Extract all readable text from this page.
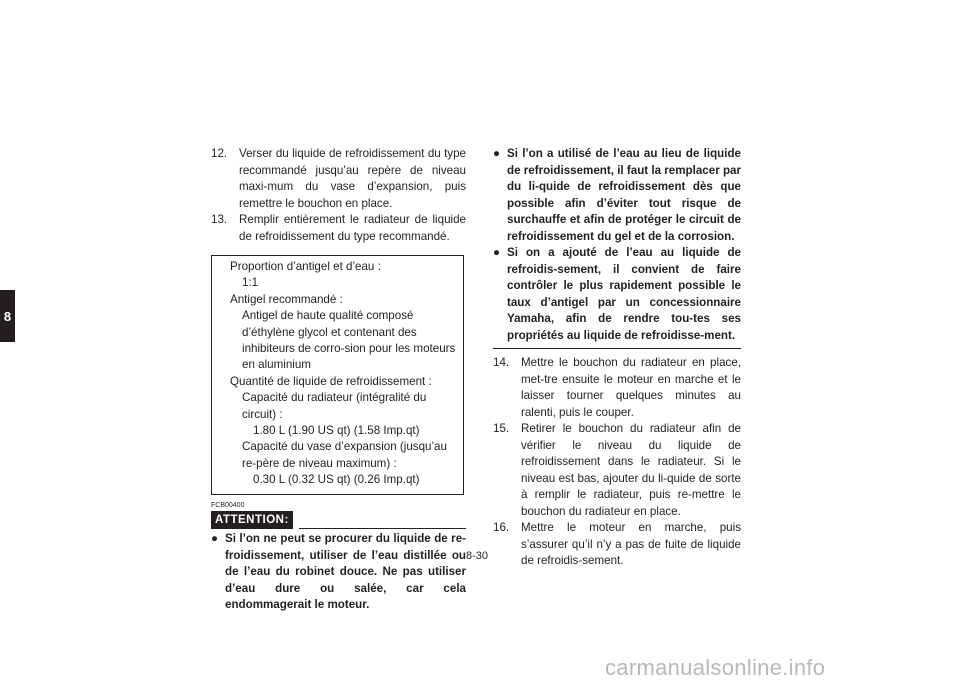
8
12.	Verser du liquide de refroidissement du type recommandé jusqu’au repère de niveau maxi-mum du vase d’expansion, puis remettre le bouchon en place.
13.	Remplir entièrement le radiateur de liquide de refroidissement du type recommandé.
Proportion d’antigel et d’eau :
1:1
Antigel recommandé :
Antigel de haute qualité composé d’éthylène glycol et contenant des inhibiteurs de corro-sion pour les moteurs en aluminium
Quantité de liquide de refroidissement :
Capacité du radiateur (intégralité du circuit) :
1.80 L (1.90 US qt) (1.58 Imp.qt)
Capacité du vase d’expansion (jusqu’au re-père de niveau maximum) :
0.30 L (0.32 US qt) (0.26 Imp.qt)
FCB00400
ATTENTION:
● Si l’on ne peut se procurer du liquide de re-froidissement, utiliser de l’eau distillée ou de l’eau du robinet douce. Ne pas utiliser d’eau dure ou salée, car cela endommagerait le moteur.
● Si l’on a utilisé de l’eau au lieu de liquide de refroidissement, il faut la remplacer par du li-quide de refroidissement dès que possible afin d’éviter tout risque de surchauffe et afin de protéger le circuit de refroidissement du gel et de la corrosion.
● Si on a ajouté de l’eau au liquide de refroidis-sement, il convient de faire contrôler le plus rapidement possible le taux d’antigel par un concessionnaire Yamaha, afin de rendre tou-tes ses propriétés au liquide de refroidisse-ment.
14.	Mettre le bouchon du radiateur en place, met-tre ensuite le moteur en marche et le laisser tourner quelques minutes au ralenti, puis le couper.
15.	Retirer le bouchon du radiateur afin de vérifier le niveau du liquide de refroidissement dans le radiateur. Si le niveau est bas, ajouter du li-quide de sorte à remplir le radiateur, puis re-mettre le bouchon du radiateur en place.
16.	Mettre le moteur en marche, puis s’assurer qu’il n’y a pas de fuite de liquide de refroidis-sement.
8-30
carmanualsonline.info
